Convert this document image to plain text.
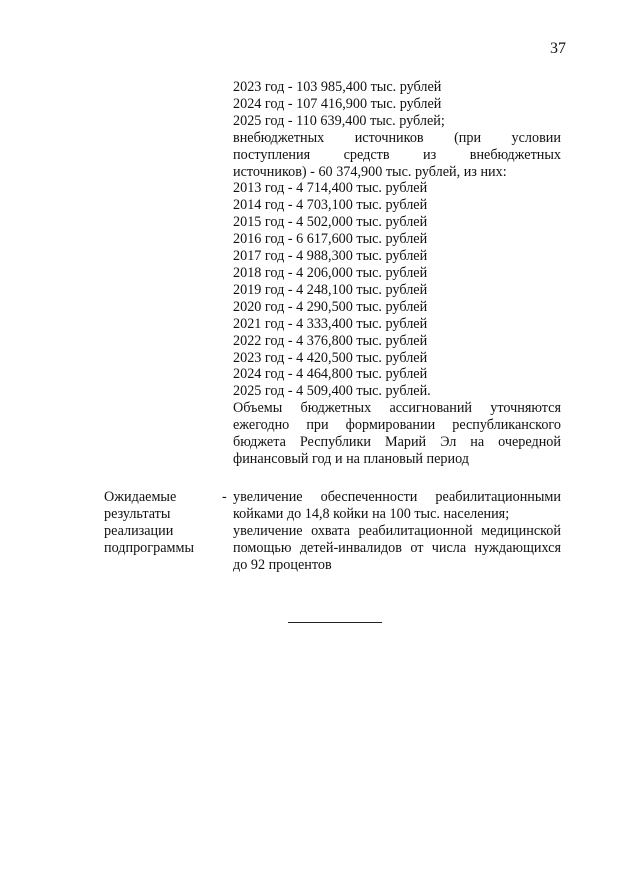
37
2023 год - 103 985,400 тыс. рублей
2024 год - 107 416,900 тыс. рублей
2025 год - 110 639,400 тыс. рублей;
внебюджетных источников (при условии
поступления средств из внебюджетных
источников) - 60 374,900 тыс. рублей, из них:
2013 год - 4 714,400 тыс. рублей
2014 год - 4 703,100 тыс. рублей
2015 год - 4 502,000 тыс. рублей
2016 год - 6 617,600 тыс. рублей
2017 год - 4 988,300 тыс. рублей
2018 год - 4 206,000 тыс. рублей
2019 год - 4 248,100 тыс. рублей
2020 год - 4 290,500 тыс. рублей
2021 год - 4 333,400 тыс. рублей
2022 год - 4 376,800 тыс. рублей
2023 год - 4 420,500 тыс. рублей
2024 год - 4 464,800 тыс. рублей
2025 год - 4 509,400 тыс. рублей.
Объемы бюджетных ассигнований уточняются
ежегодно при формировании республиканского
бюджета Республики Марий Эл на очередной
финансовый год и на плановый период
Ожидаемые
результаты
реализации
подпрограммы
- увеличение обеспеченности реабилитационными
койками до 14,8 койки на 100 тыс. населения;
увеличение охвата реабилитационной медицинской
помощью детей-инвалидов от числа нуждающихся
до 92 процентов
